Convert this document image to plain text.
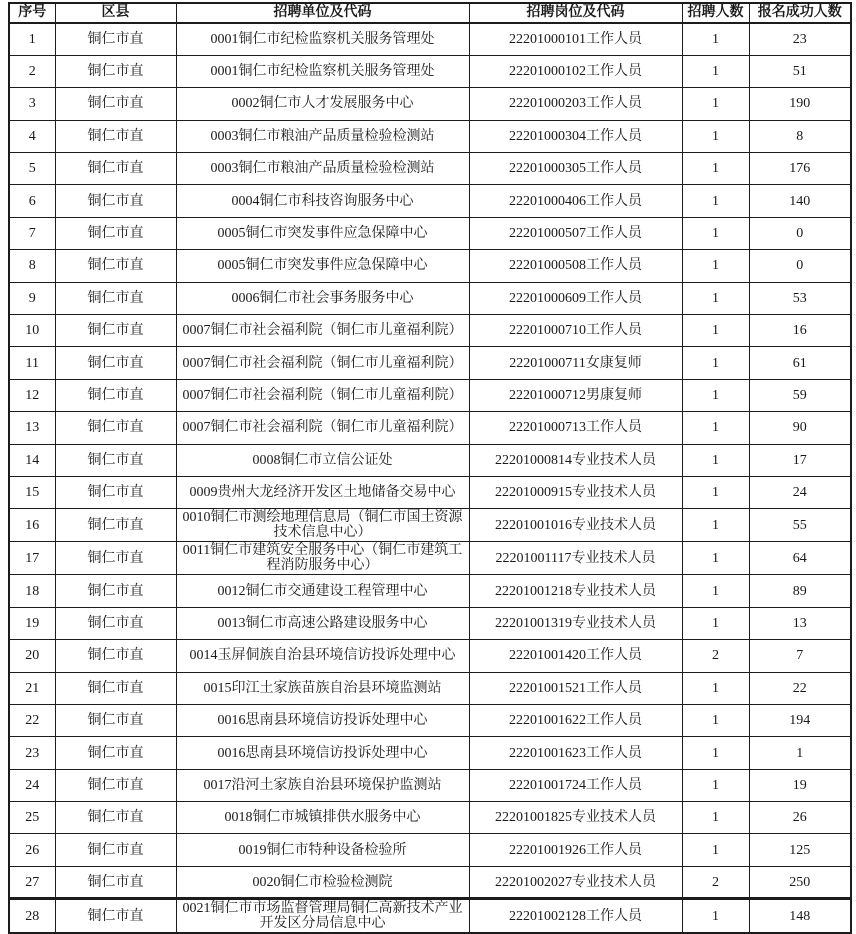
序号	区县	招聘单位及代码	招聘岗位及代码	招聘人数	报名成功人数
1	铜仁市直	0001铜仁市纪检监察机关服务管理处	22201000101工作人员	1	23
2	铜仁市直	0001铜仁市纪检监察机关服务管理处	22201000102工作人员	1	51
3	铜仁市直	0002铜仁市人才发展服务中心	22201000203工作人员	1	190
4	铜仁市直	0003铜仁市粮油产品质量检验检测站	22201000304工作人员	1	8
5	铜仁市直	0003铜仁市粮油产品质量检验检测站	22201000305工作人员	1	176
6	铜仁市直	0004铜仁市科技咨询服务中心	22201000406工作人员	1	140
7	铜仁市直	0005铜仁市突发事件应急保障中心	22201000507工作人员	1	0
8	铜仁市直	0005铜仁市突发事件应急保障中心	22201000508工作人员	1	0
9	铜仁市直	0006铜仁市社会事务服务中心	22201000609工作人员	1	53
10	铜仁市直	0007铜仁市社会福利院（铜仁市儿童福利院）	22201000710工作人员	1	16
11	铜仁市直	0007铜仁市社会福利院（铜仁市儿童福利院）	22201000711女康复师	1	61
12	铜仁市直	0007铜仁市社会福利院（铜仁市儿童福利院）	22201000712男康复师	1	59
13	铜仁市直	0007铜仁市社会福利院（铜仁市儿童福利院）	22201000713工作人员	1	90
14	铜仁市直	0008铜仁市立信公证处	22201000814专业技术人员	1	17
15	铜仁市直	0009贵州大龙经济开发区土地储备交易中心	22201000915专业技术人员	1	24
16	铜仁市直	0010铜仁市测绘地理信息局（铜仁市国土资源技术信息中心）	22201001016专业技术人员	1	55
17	铜仁市直	0011铜仁市建筑安全服务中心（铜仁市建筑工程消防服务中心）	22201001117专业技术人员	1	64
18	铜仁市直	0012铜仁市交通建设工程管理中心	22201001218专业技术人员	1	89
19	铜仁市直	0013铜仁市高速公路建设服务中心	22201001319专业技术人员	1	13
20	铜仁市直	0014玉屏侗族自治县环境信访投诉处理中心	22201001420工作人员	2	7
21	铜仁市直	0015印江土家族苗族自治县环境监测站	22201001521工作人员	1	22
22	铜仁市直	0016思南县环境信访投诉处理中心	22201001622工作人员	1	194
23	铜仁市直	0016思南县环境信访投诉处理中心	22201001623工作人员	1	1
24	铜仁市直	0017沿河土家族自治县环境保护监测站	22201001724工作人员	1	19
25	铜仁市直	0018铜仁市城镇排供水服务中心	22201001825专业技术人员	1	26
26	铜仁市直	0019铜仁市特种设备检验所	22201001926工作人员	1	125
27	铜仁市直	0020铜仁市检验检测院	22201002027专业技术人员	2	250
28	铜仁市直	0021铜仁市市场监督管理局铜仁高新技术产业开发区分局信息中心	22201002128工作人员	1	148
